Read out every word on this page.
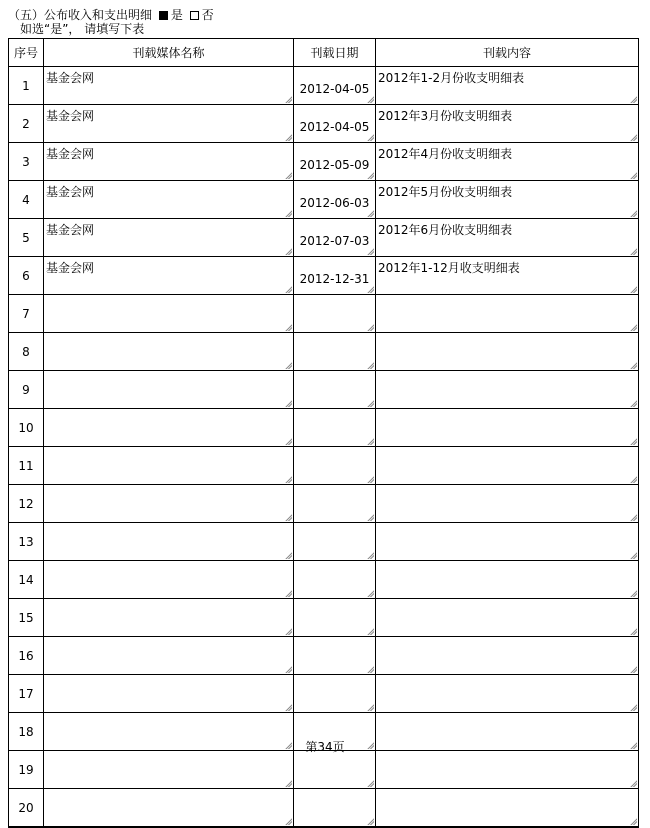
（五）公布收入和支出明细 是 否
如选“是”， 请填写下表
序号	刊载媒体名称	刊载日期	刊载内容
1	基金会网	2012-04-05	2012年1-2月份收支明细表

2	基金会网	2012-04-05	2012年3月份收支明细表

3	基金会网	2012-05-09	2012年4月份收支明细表

4	基金会网	2012-06-03	2012年5月份收支明细表

5	基金会网	2012-07-03	2012年6月份收支明细表

6	基金会网	2012-12-31	2012年1-12月收支明细表

7	

8	

9	

10	

11	

12	

13	

14	

15	

16	

17	

18	

19	

20	

第34页
